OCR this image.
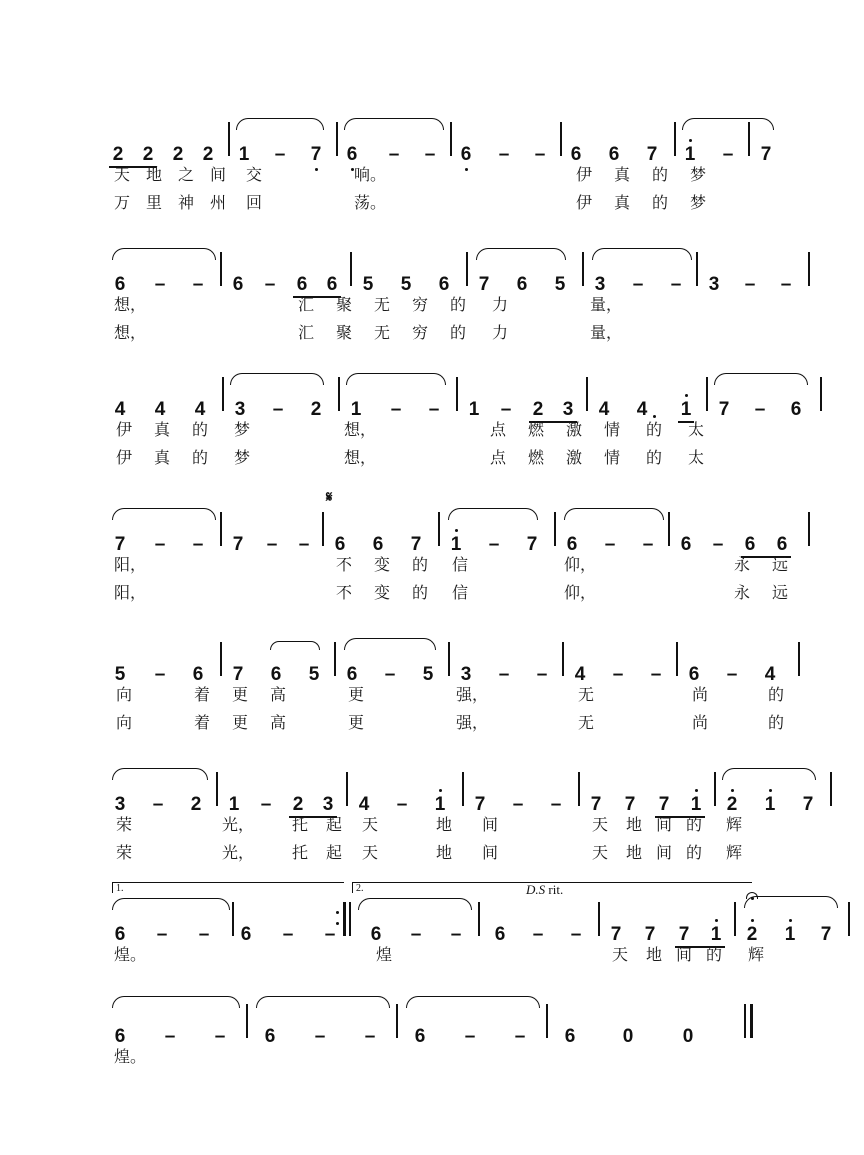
2 2 2 2 1 – 7 6 – – 6 – – 6 6 7 1 – 7
天 地 之 间 交	响。	伊 真 的 梦
万 里 神 州 回	荡。	伊 真 的 梦
6 – – 6 – 6 6 5 5 6 7 6 5 3 – – 3 – –
想，	汇 聚 无 穷 的 力	量，
想，	汇 聚 无 穷 的 力	量，
4 4 4 3 – 2 1 – – 1 – 2 3 4 4 1 7 – 6
伊 真 的 梦	想，	点 燃 激 情 的 太
伊 真 的 梦	想，	点 燃 激 情 的 太
𝄋
7 – – 7 – – 6 6 7 1 – 7 6 – – 6 – 6 6
阳，	不 变 的 信	仰，	永 远
阳，	不 变 的 信	仰，	永 远
5 – 6 7 6 5 6 – 5 3 – – 4 – – 6 – 4
向	着 更 高	更	强，	无	尚	的
向	着 更 高	更	强，	无	尚	的
3 – 2 1 – 2 3 4 – 1 7 – – 7 7 7 1 2 1 7
荣	光， 托 起 天	地 间	天 地 间 的 辉
荣	光， 托 起 天	地 间	天 地 间 的 辉
1.	2.	D.S rit.
6 – – 6 – – 6 – – 6 – – 7 7 7 1 2 1 7
煌。	煌	天 地 间 的 辉
6 – – 6 – – 6 – – 6 0	0
煌。
